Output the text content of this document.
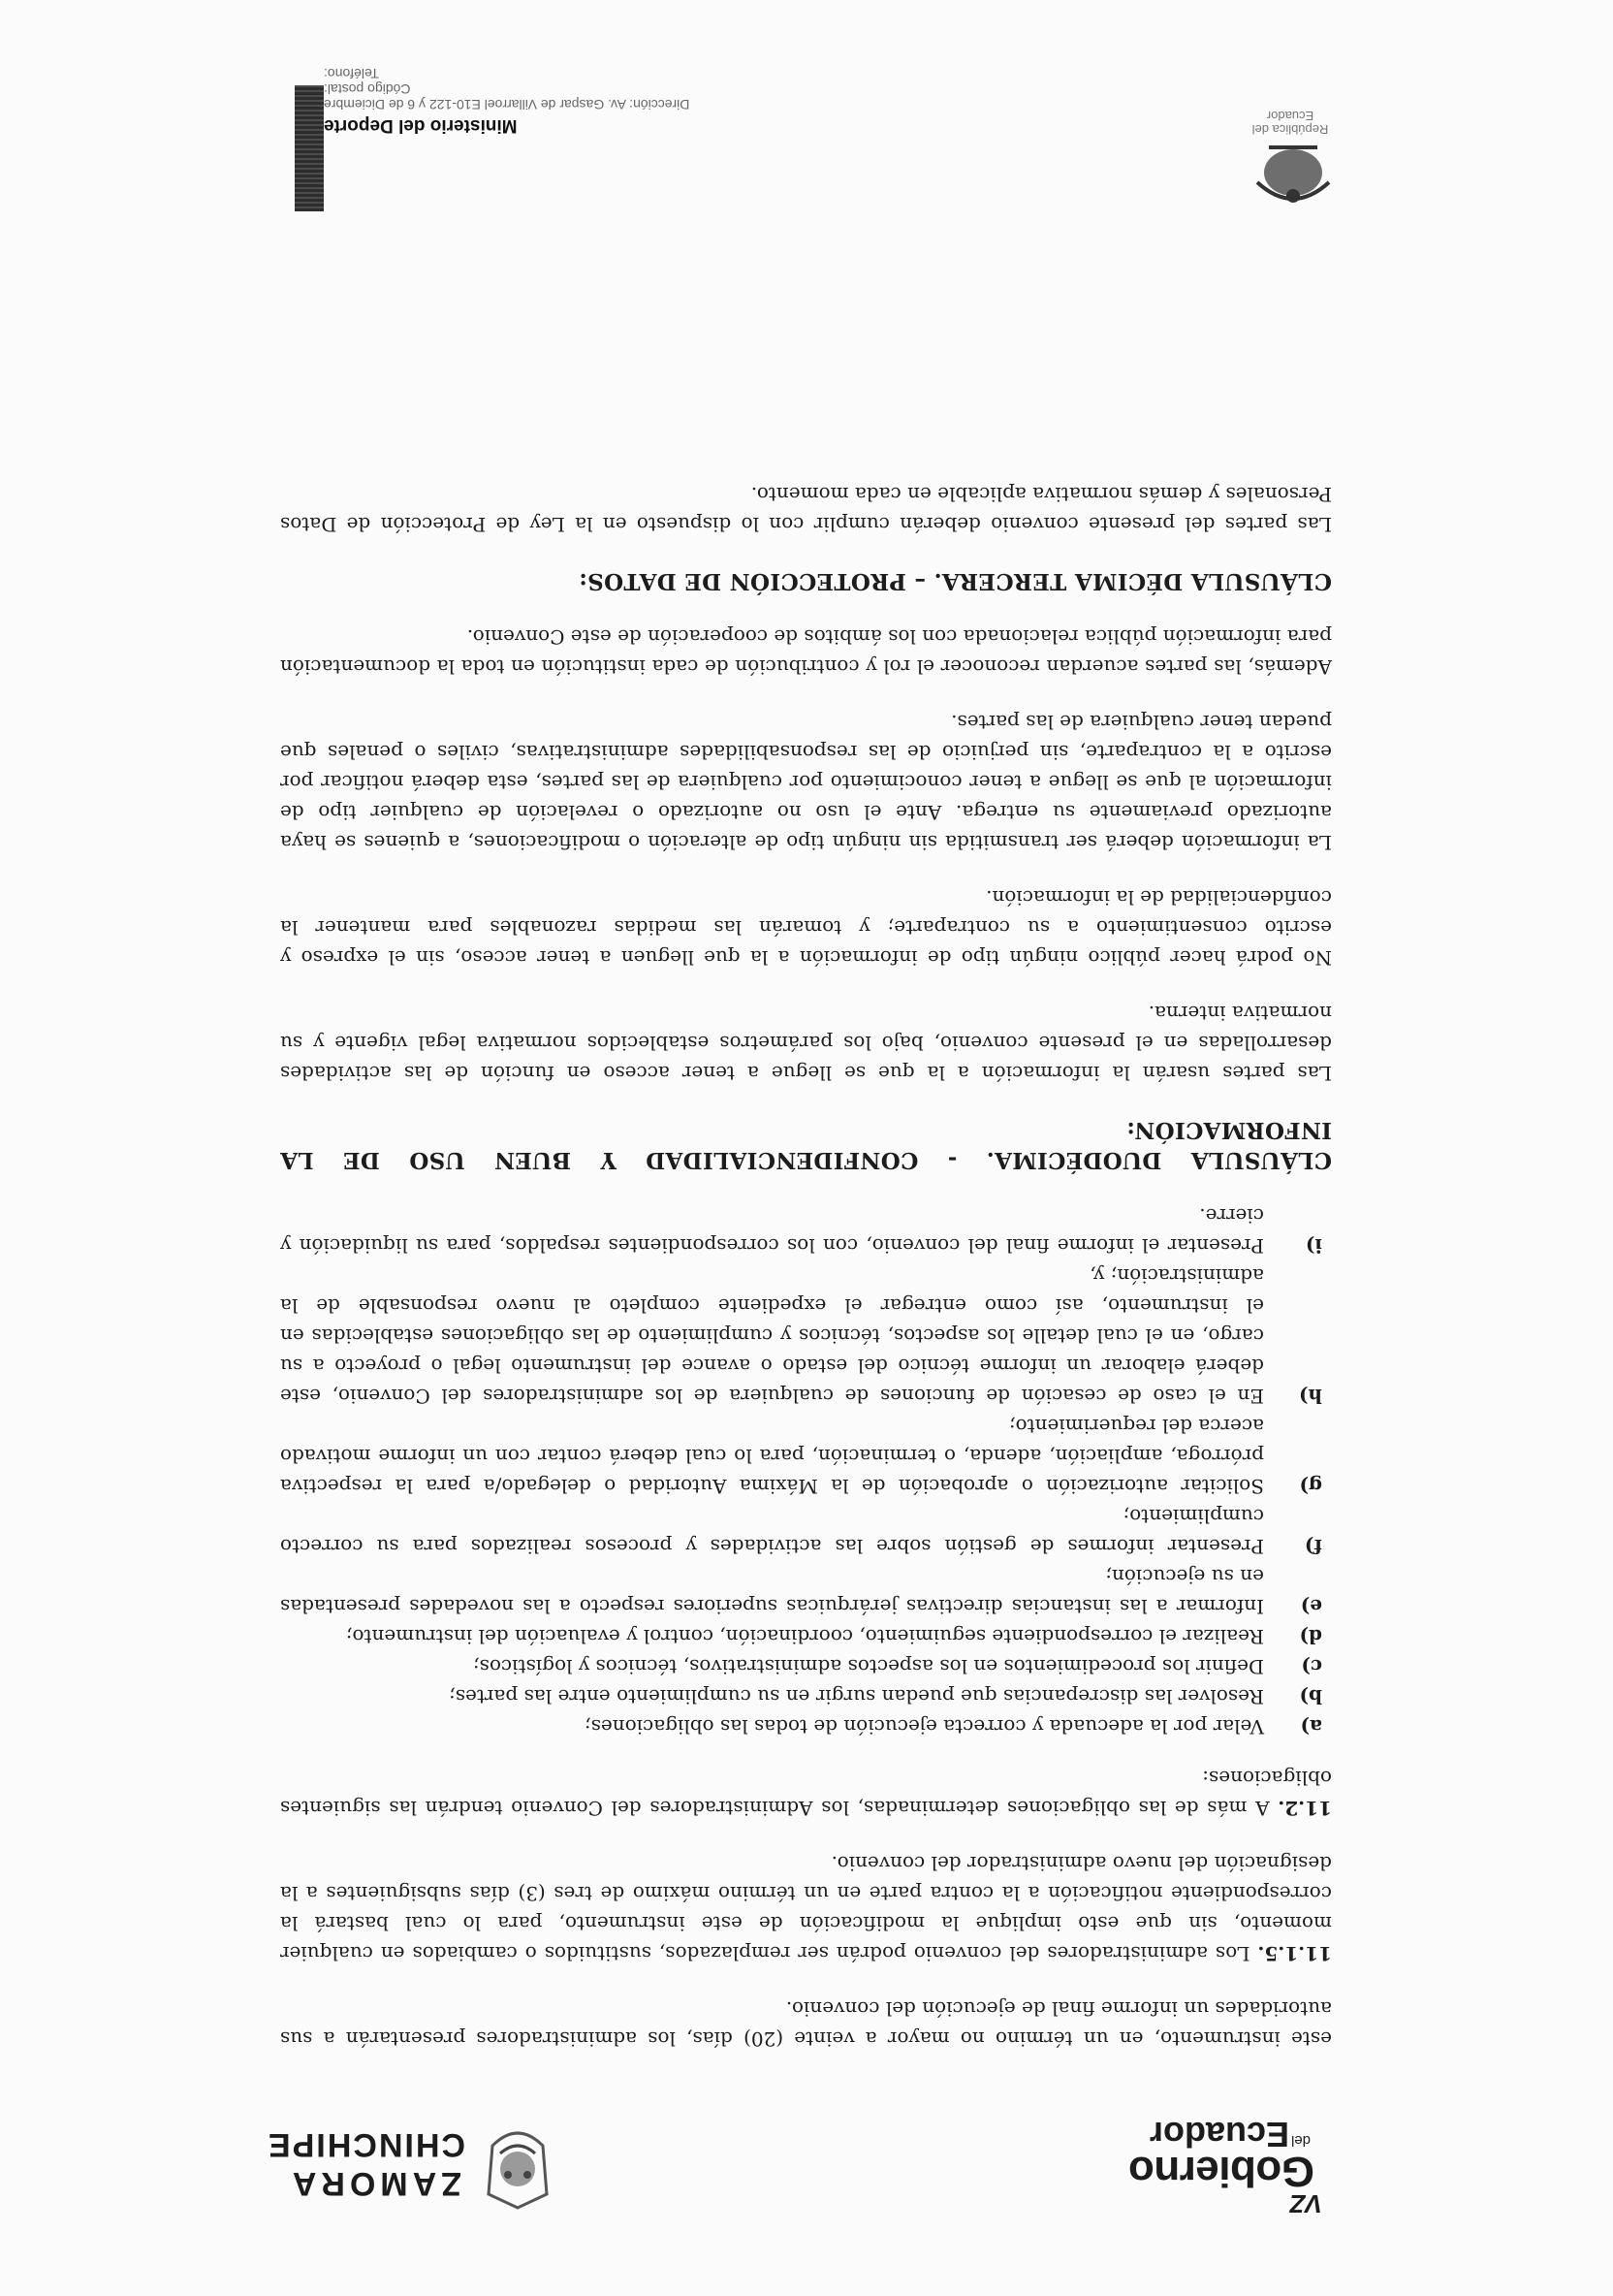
VZ
Gobierno
del
Ecuador
ZAMORA
CHINCHIPE

este instrumento, en un término no mayor a veinte (20) días, los administradores presentarán a sus autoridades un informe final de ejecución del convenio.

11.1.5. Los administradores del convenio podrán ser remplazados, sustituidos o cambiados en cualquier momento, sin que esto implique la modificación de este instrumento, para lo cual bastará la correspondiente notificación a la contra parte en un término máximo de tres (3) días subsiguientes a la designación del nuevo administrador del convenio.

11.2. A más de las obligaciones determinadas, los Administradores del Convenio tendrán las siguientes obligaciones:

a)
Velar por la adecuada y correcta ejecución de todas las obligaciones;
b)
Resolver las discrepancias que puedan surgir en su cumplimiento entre las partes;
c)
Definir los procedimientos en los aspectos administrativos, técnicos y logísticos;
d)
Realizar el correspondiente seguimiento, coordinación, control y evaluación del instrumento;
e)
Informar a las instancias directivas jerárquicas superiores respecto a las novedades presentadas en su ejecución;
f)
Presentar informes de gestión sobre las actividades y procesos realizados para su correcto cumplimiento;
g)
Solicitar autorización o aprobación de la Máxima Autoridad o delegado/a para la respectiva prórroga, ampliación, adenda, o terminación, para lo cual deberá contar con un informe motivado acerca del requerimiento;
h)
En el caso de cesación de funciones de cualquiera de los administradores del Convenio, este deberá elaborar un informe técnico del estado o avance del instrumento legal o proyecto a su cargo, en el cual detalle los aspectos, técnicos y cumplimiento de las obligaciones establecidas en el instrumento, así como entregar el expediente completo al nuevo responsable de la administración; y,
i)
Presentar el informe final del convenio, con los correspondientes respaldos, para su liquidación y cierre.
CLÁUSULA DUODÉCIMA. - CONFIDENCIALIDAD Y BUEN USO DE LA INFORMACIÓN:

Las partes usarán la información a la que se llegue a tener acceso en función de las actividades desarrolladas en el presente convenio, bajo los parámetros establecidos normativa legal vigente y su normativa interna.

No podrá hacer público ningún tipo de información a la que lleguen a tener acceso, sin el expreso y escrito consentimiento a su contraparte; y tomarán las medidas razonables para mantener la confidencialidad de la información.

La información deberá ser transmitida sin ningún tipo de alteración o modificaciones, a quienes se haya autorizado previamente su entrega. Ante el uso no autorizado o revelación de cualquier tipo de información al que se llegue a tener conocimiento por cualquiera de las partes, esta deberá notificar por escrito a la contraparte, sin perjuicio de las responsabilidades administrativas, civiles o penales que puedan tener cualquiera de las partes.

Además, las partes acuerdan reconocer el rol y contribución de cada institución en toda la documentación para información pública relacionada con los ámbitos de cooperación de este Convenio.

CLÁUSULA DÉCIMA TERCERA. – PROTECCIÓN DE DATOS:

Las partes del presente convenio deberán cumplir con lo dispuesto en la Ley de Protección de Datos Personales y demás normativa aplicable en cada momento.

República del Ecuador
Ministerio del Deporte
Dirección: Av. Gaspar de Villarroel E10-122 y 6 de Diciembre
Código postal:
Teléfono:
